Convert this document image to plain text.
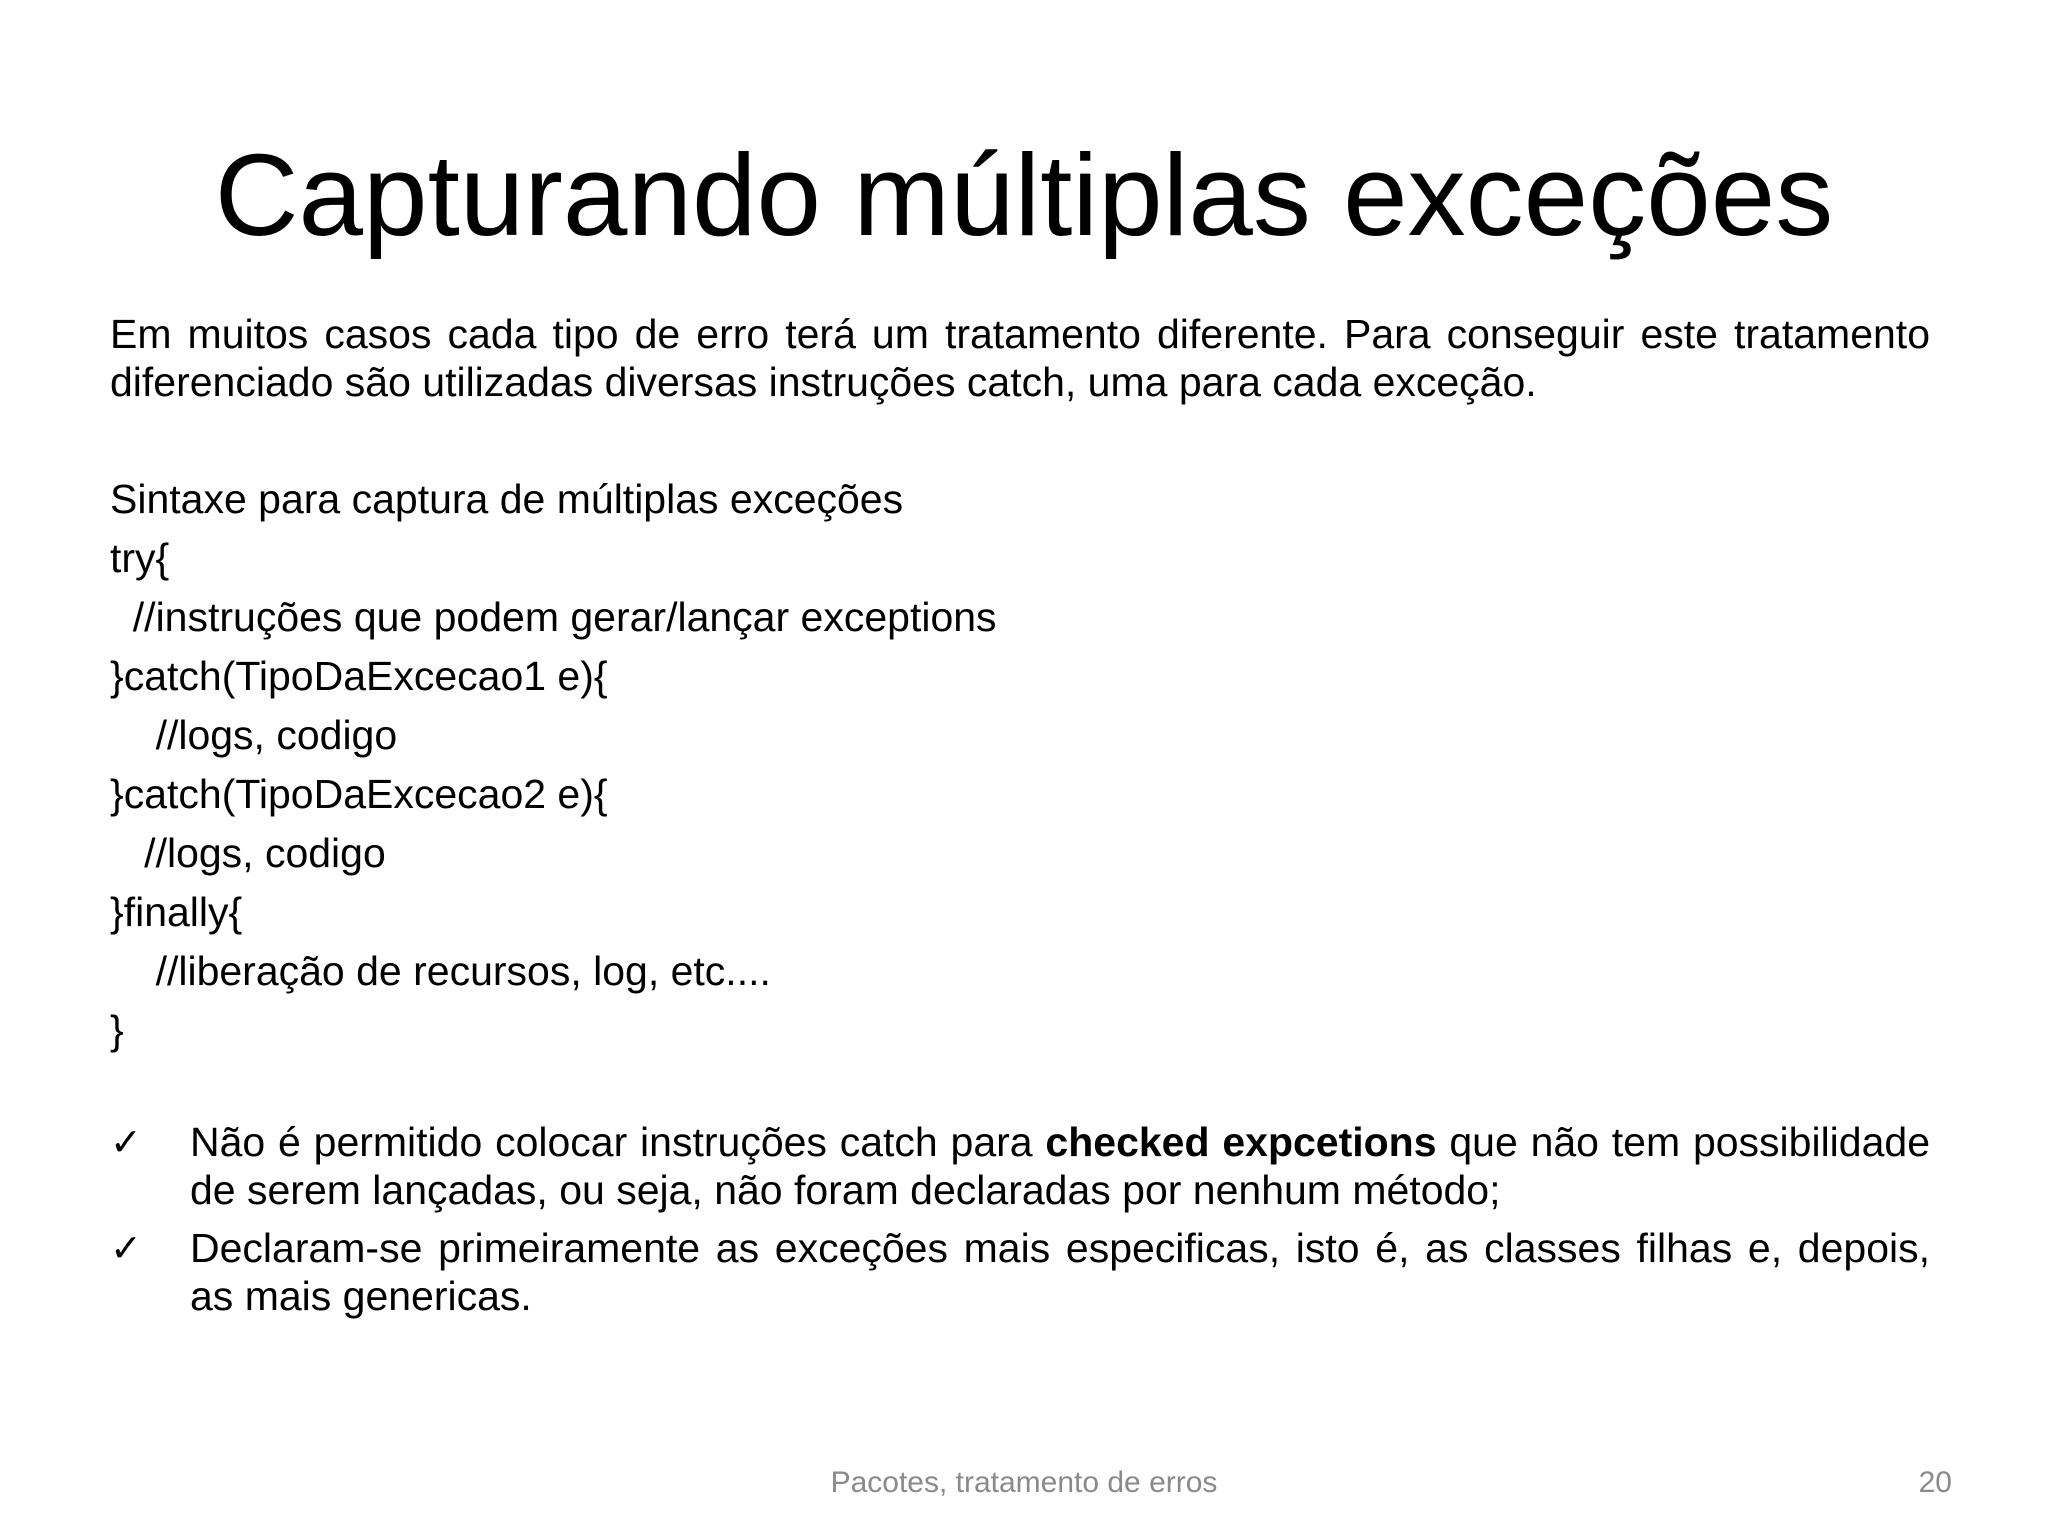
Capturando múltiplas exceções

Em muitos casos cada tipo de erro terá um tratamento diferente. Para conseguir este tratamento diferenciado são utilizadas diversas instruções catch, uma para cada exceção.

Sintaxe para captura de múltiplas exceções
try{
//instruções que podem gerar/lançar exceptions
}catch(TipoDaExcecao1 e){
//logs, codigo
}catch(TipoDaExcecao2 e){
//logs, codigo
}finally{
//liberação de recursos, log, etc....
}
✓ Não é permitido colocar instruções catch para checked expcetions que não tem possibilidade de serem lançadas, ou seja, não foram declaradas por nenhum método;
✓ Declaram-se primeiramente as exceções mais especificas, isto é, as classes filhas e, depois, as mais genericas.
Pacotes, tratamento de erros	20
